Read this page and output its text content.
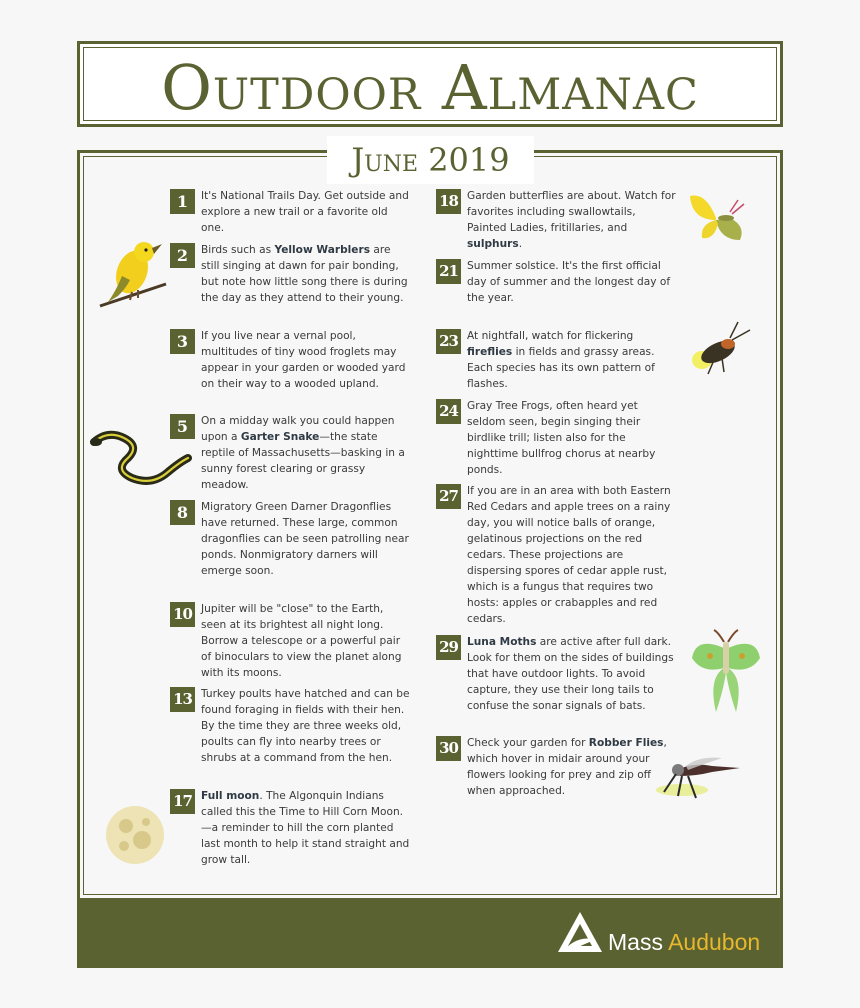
Outdoor Almanac
June 2019
1	It's National Trails Day. Get outside and explore a new trail or a favorite old one.
2	Birds such as Yellow Warblers are still singing at dawn for pair bonding, but note how little song there is during the day as they attend to their young.
3	If you live near a vernal pool, multitudes of tiny wood froglets may appear in your garden or wooded yard on their way to a wooded upland.
5	On a midday walk you could happen upon a Garter Snake—the state reptile of Massachusetts—basking in a sunny forest clearing or grassy meadow.
8	Migratory Green Darner Dragonflies have returned. These large, common dragonflies can be seen patrolling near ponds. Nonmigratory darners will emerge soon.
10 Jupiter will be "close" to the Earth, seen at its brightest all night long. Borrow a telescope or a powerful pair of binoculars to view the planet along with its moons.
13 Turkey poults have hatched and can be found foraging in fields with their hen. By the time they are three weeks old, poults can fly into nearby trees or shrubs at a command from the hen.
17 Full moon. The Algonquin Indians called this the Time to Hill Corn Moon. —a reminder to hill the corn planted last month to help it stand straight and grow tall.
18 Garden butterflies are about. Watch for favorites including swallowtails, Painted Ladies, fritillaries, and sulphurs.
21 Summer solstice. It's the first official day of summer and the longest day of the year.
23 At nightfall, watch for flickering fireflies in fields and grassy areas. Each species has its own pattern of flashes.
24 Gray Tree Frogs, often heard yet seldom seen, begin singing their birdlike trill; listen also for the nighttime bullfrog chorus at nearby ponds.
27 If you are in an area with both Eastern Red Cedars and apple trees on a rainy day, you will notice balls of orange, gelatinous projections on the red cedars. These projections are dispersing spores of cedar apple rust, which is a fungus that requires two hosts: apples or crabapples and red cedars.
29 Luna Moths are active after full dark. Look for them on the sides of buildings that have outdoor lights. To avoid capture, they use their long tails to confuse the sonar signals of bats.
30 Check your garden for Robber Flies, which hover in midair around your flowers looking for prey and zip off when approached.
Mass Audubon
